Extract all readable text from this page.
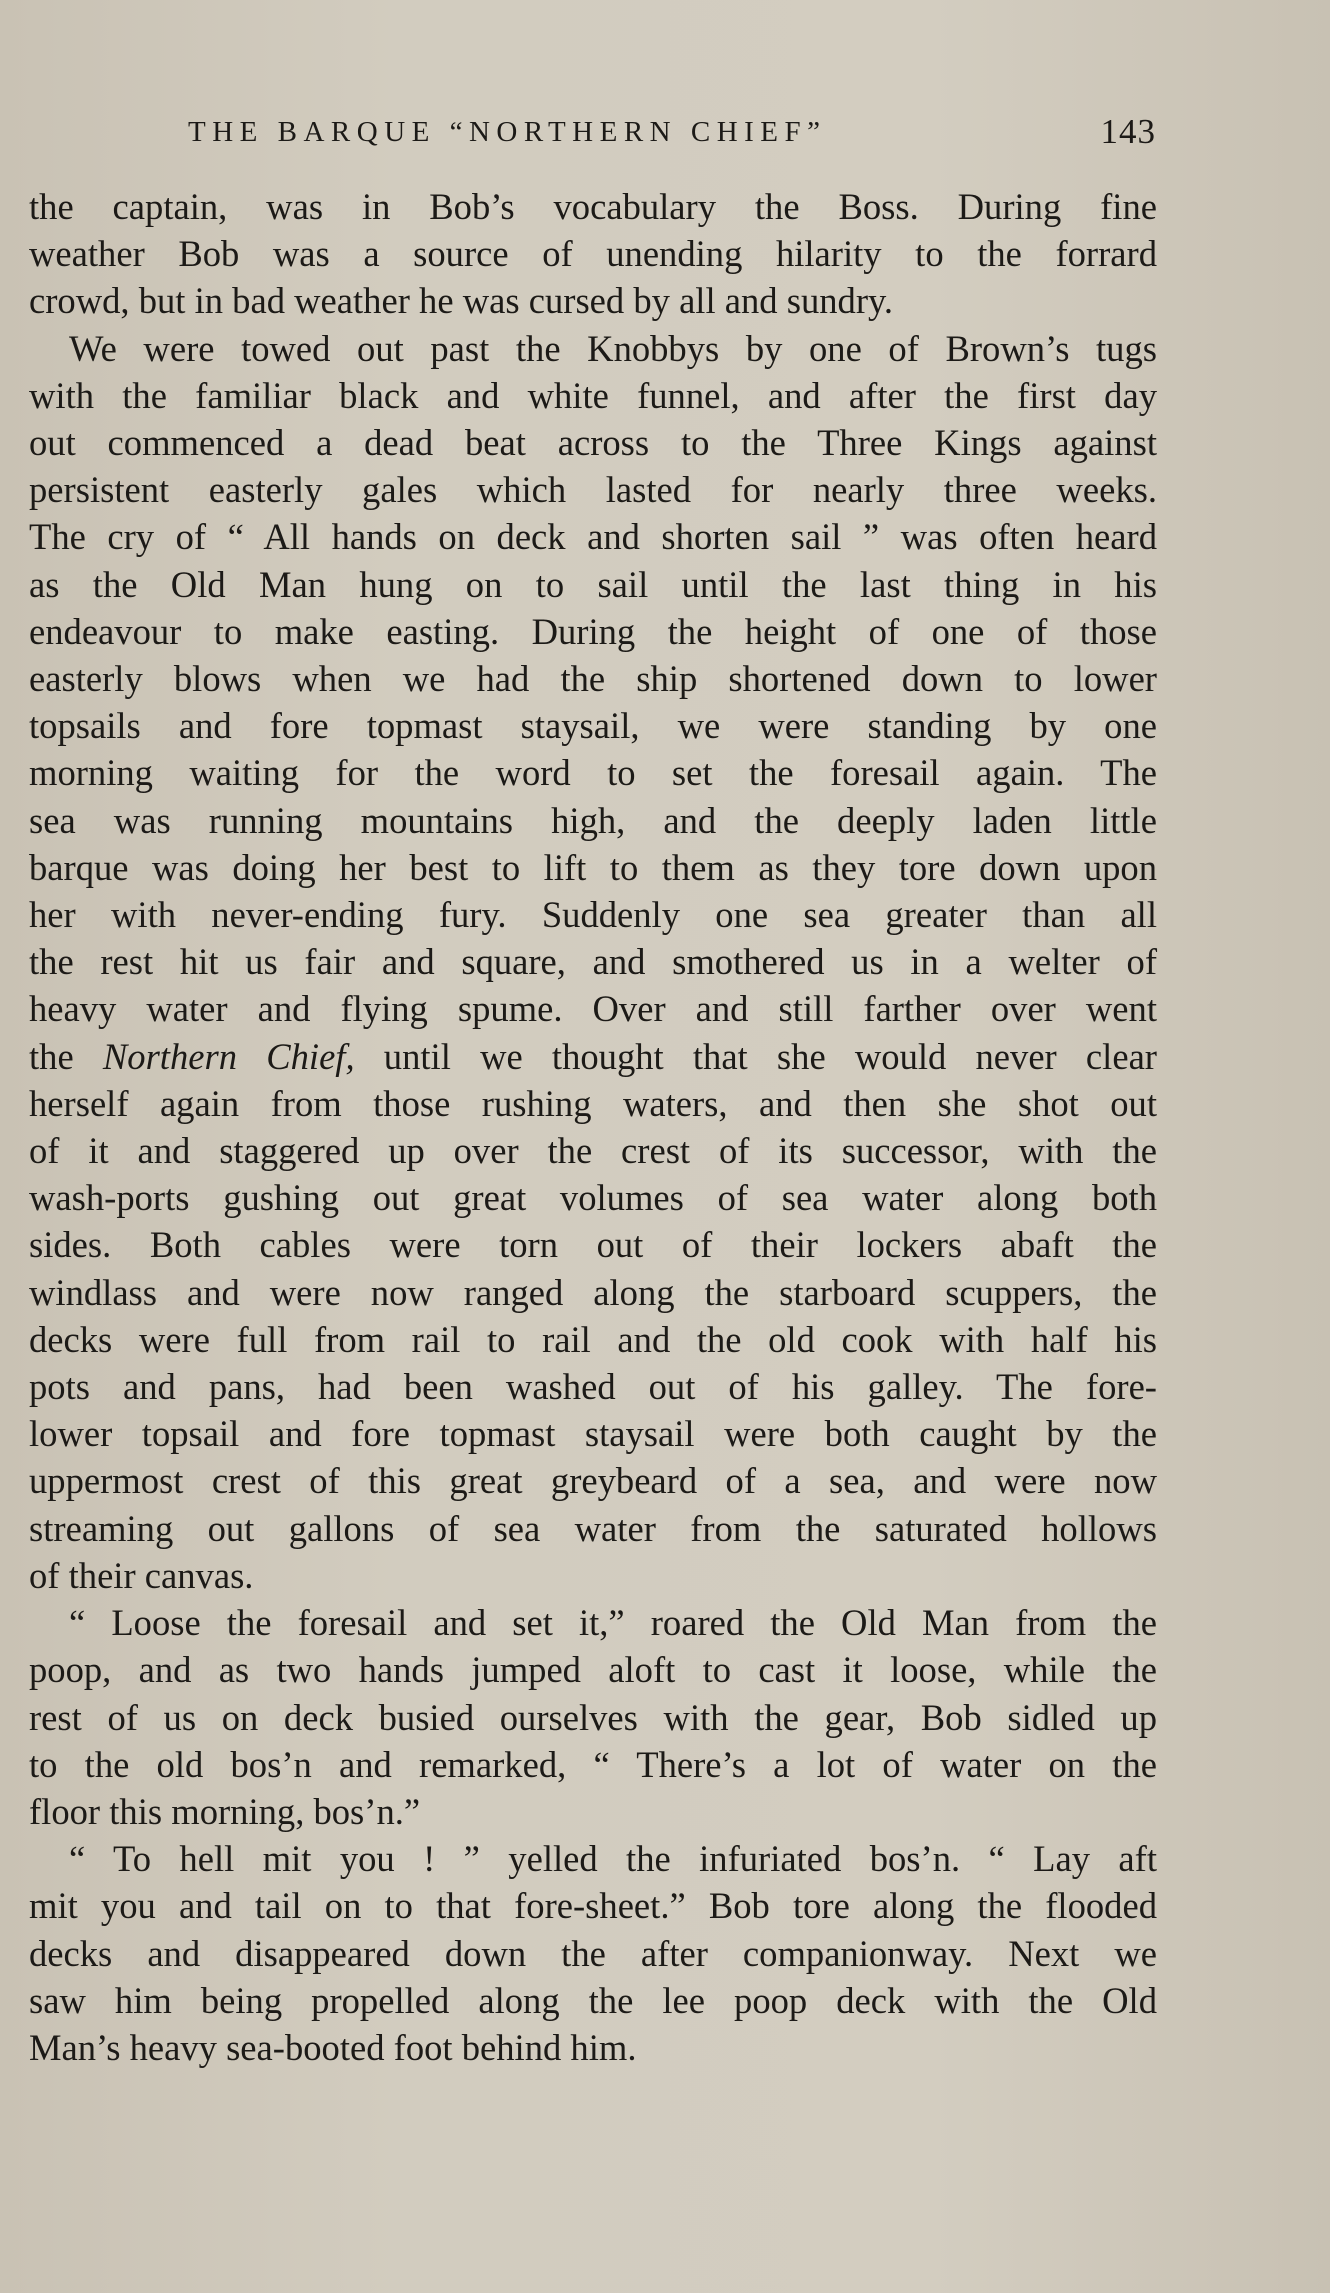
THE BARQUE “NORTHERN CHIEF”	143

the captain, was in Bob’s vocabulary the Boss. During fine
weather Bob was a source of unending hilarity to the forrard
crowd, but in bad weather he was cursed by all and sundry.

We were towed out past the Knobbys by one of Brown’s tugs
with the familiar black and white funnel, and after the first day
out commenced a dead beat across to the Three Kings against
persistent easterly gales which lasted for nearly three weeks.
The cry of “ All hands on deck and shorten sail ” was often heard
as the Old Man hung on to sail until the last thing in his
endeavour to make easting. During the height of one of those
easterly blows when we had the ship shortened down to lower
topsails and fore topmast staysail, we were standing by one
morning waiting for the word to set the foresail again. The
sea was running mountains high, and the deeply laden little
barque was doing her best to lift to them as they tore down upon
her with never-ending fury. Suddenly one sea greater than all
the rest hit us fair and square, and smothered us in a welter of
heavy water and flying spume. Over and still farther over went
the Northern Chief, until we thought that she would never clear
herself again from those rushing waters, and then she shot out
of it and staggered up over the crest of its successor, with the
wash-ports gushing out great volumes of sea water along both
sides. Both cables were torn out of their lockers abaft the
windlass and were now ranged along the starboard scuppers, the
decks were full from rail to rail and the old cook with half his
pots and pans, had been washed out of his galley. The fore-
lower topsail and fore topmast staysail were both caught by the
uppermost crest of this great greybeard of a sea, and were now
streaming out gallons of sea water from the saturated hollows
of their canvas.

“ Loose the foresail and set it,” roared the Old Man from the
poop, and as two hands jumped aloft to cast it loose, while the
rest of us on deck busied ourselves with the gear, Bob sidled up
to the old bos’n and remarked, “ There’s a lot of water on the
floor this morning, bos’n.”

“ To hell mit you ! ” yelled the infuriated bos’n. “ Lay aft
mit you and tail on to that fore-sheet.” Bob tore along the flooded
decks and disappeared down the after companionway. Next we
saw him being propelled along the lee poop deck with the Old
Man’s heavy sea-booted foot behind him.
